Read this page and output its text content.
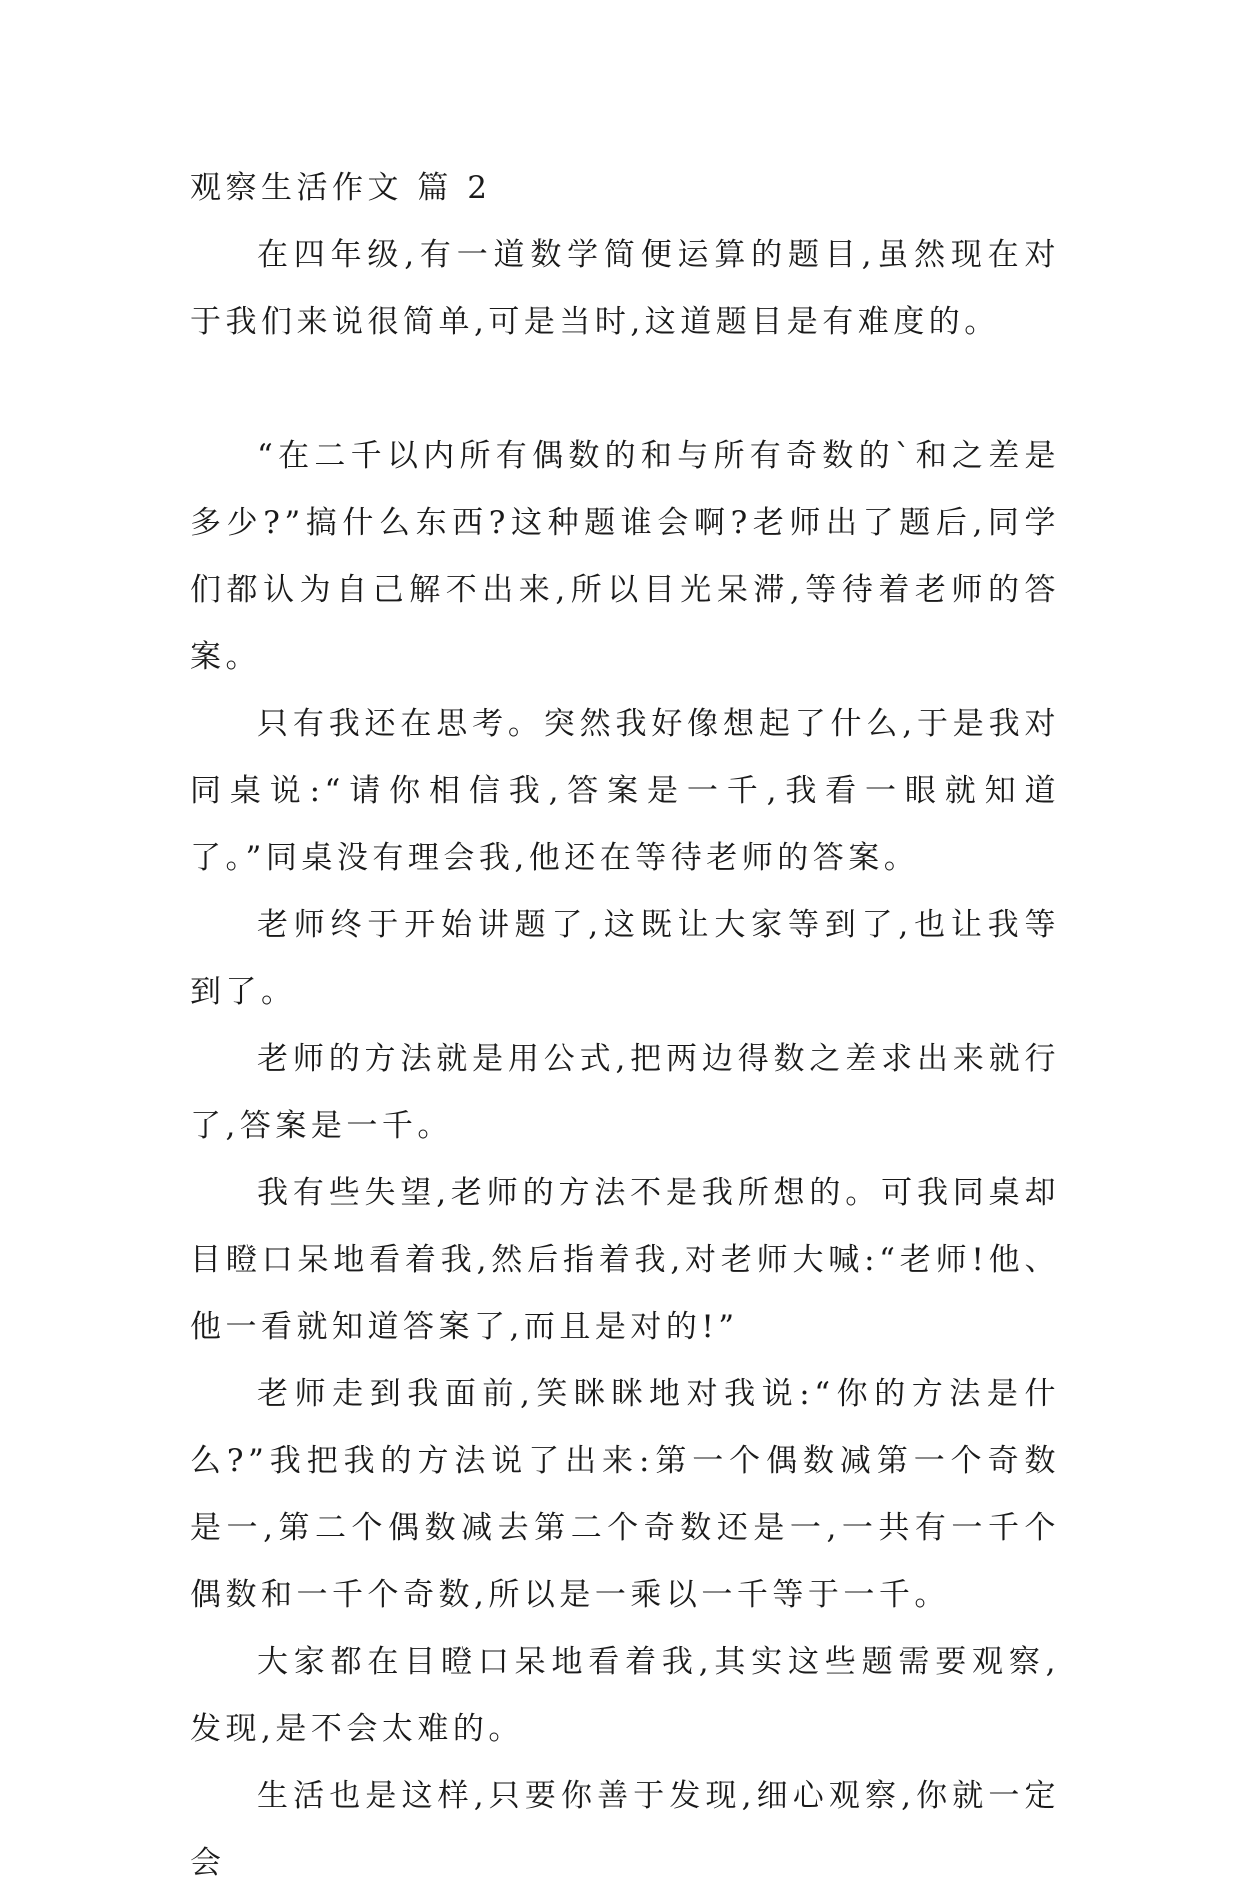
观察生活作文 篇 2

在四年级,有一道数学简便运算的题目,虽然现在对于我们来说很简单,可是当时,这道题目是有难度的。

“在二千以内所有偶数的和与所有奇数的`和之差是多少?”搞什么东西?这种题谁会啊?老师出了题后,同学们都认为自己解不出来,所以目光呆滞,等待着老师的答案。

只有我还在思考。突然我好像想起了什么,于是我对同桌说:“请你相信我,答案是一千,我看一眼就知道了。”同桌没有理会我,他还在等待老师的答案。

老师终于开始讲题了,这既让大家等到了,也让我等到了。

老师的方法就是用公式,把两边得数之差求出来就行了,答案是一千。

我有些失望,老师的方法不是我所想的。可我同桌却目瞪口呆地看着我,然后指着我,对老师大喊:“老师!他、他一看就知道答案了,而且是对的!”

老师走到我面前,笑眯眯地对我说:“你的方法是什么?”我把我的方法说了出来:第一个偶数减第一个奇数是一,第二个偶数减去第二个奇数还是一,一共有一千个偶数和一千个奇数,所以是一乘以一千等于一千。

大家都在目瞪口呆地看着我,其实这些题需要观察,发现,是不会太难的。

生活也是这样,只要你善于发现,细心观察,你就一定会
